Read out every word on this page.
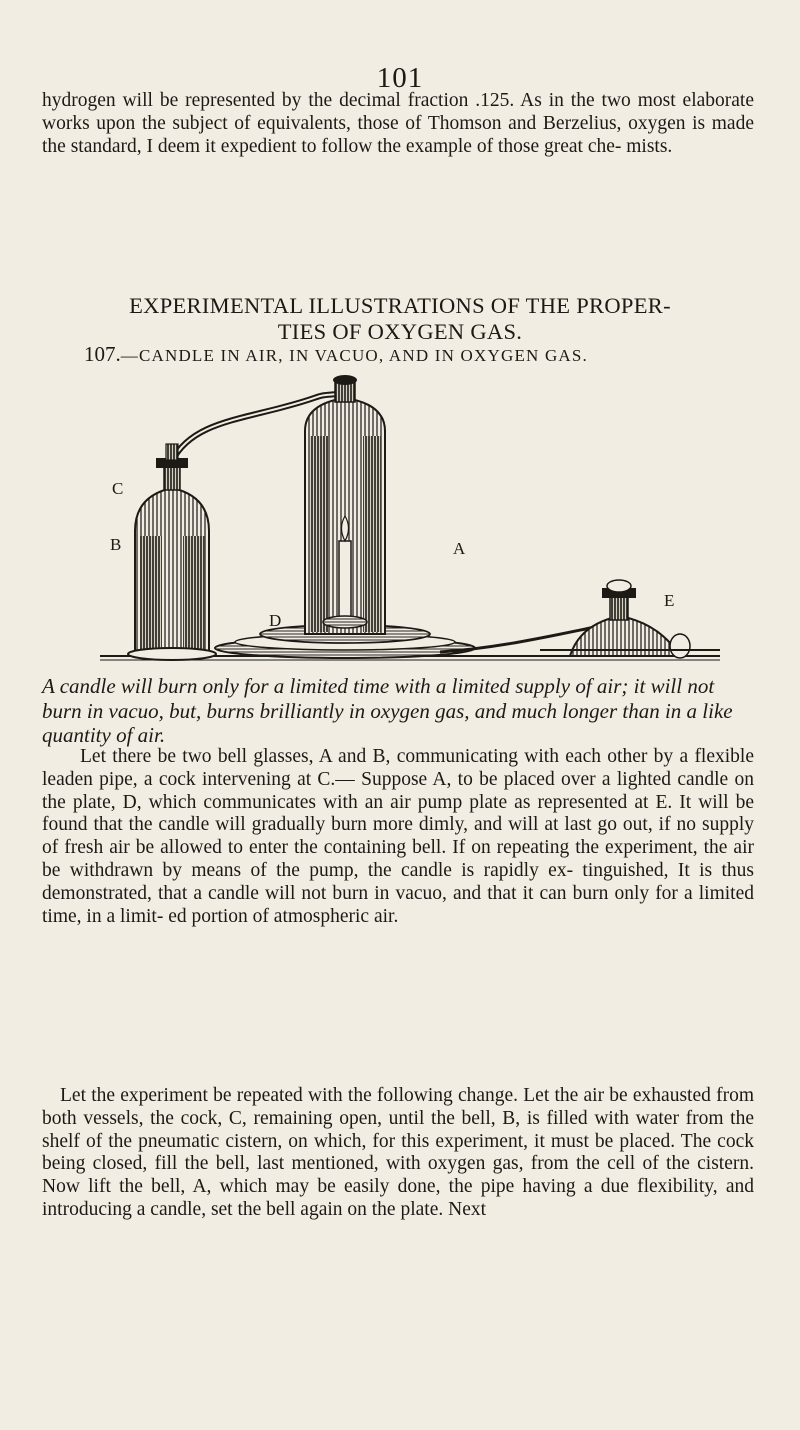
101

hydrogen will be represented by the decimal fraction .125. As in the two most elaborate works upon the subject of equivalents, those of Thomson and Berzelius, oxygen is made the standard, I deem it expedient to follow the example of those great che- mists.

EXPERIMENTAL ILLUSTRATIONS OF THE PROPER-
TIES OF OXYGEN GAS.

107.—CANDLE IN AIR, IN VACUO, AND IN OXYGEN GAS.

C
B	A
D
E

A candle will burn only for a limited time with a limited supply of air; it will not burn in vacuo, but, burns brilliantly in oxygen gas, and much longer than in a like quantity of air.

Let there be two bell glasses, A and B, communicating with each other by a flexible leaden pipe, a cock intervening at C.— Suppose A, to be placed over a lighted candle on the plate, D, which communicates with an air pump plate as represented at E. It will be found that the candle will gradually burn more dimly, and will at last go out, if no supply of fresh air be allowed to enter the containing bell. If on repeating the experiment, the air be withdrawn by means of the pump, the candle is rapidly ex- tinguished, It is thus demonstrated, that a candle will not burn in vacuo, and that it can burn only for a limited time, in a limit- ed portion of atmospheric air.

Let the experiment be repeated with the following change. Let the air be exhausted from both vessels, the cock, C, remaining open, until the bell, B, is filled with water from the shelf of the pneumatic cistern, on which, for this experiment, it must be placed. The cock being closed, fill the bell, last mentioned, with oxygen gas, from the cell of the cistern. Now lift the bell, A, which may be easily done, the pipe having a due flexibility, and introducing a candle, set the bell again on the plate. Next
